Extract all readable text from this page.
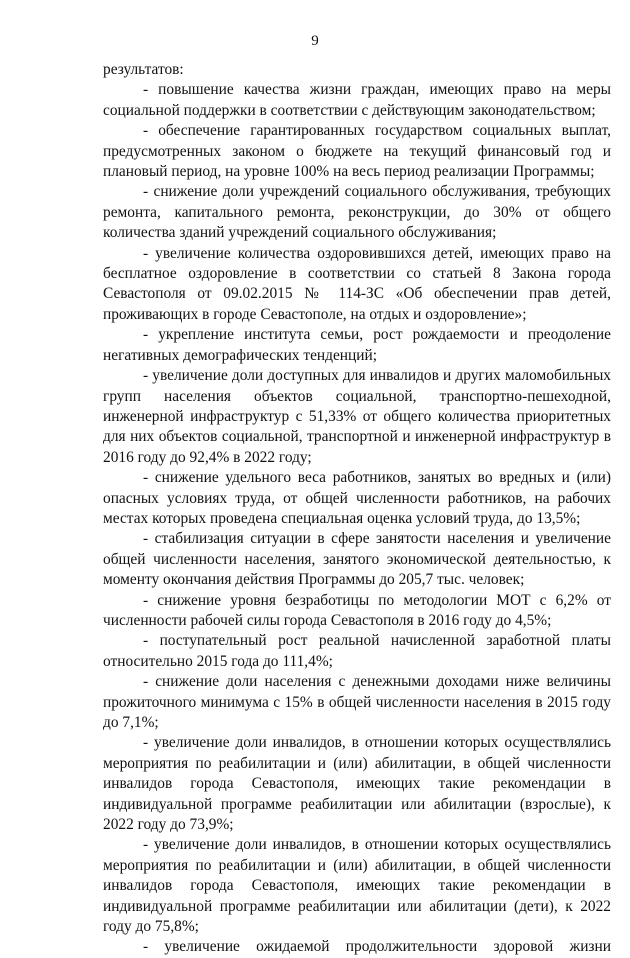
9

результатов:

- повышение качества жизни граждан, имеющих право на меры социальной поддержки в соответствии с действующим законодательством;

- обеспечение гарантированных государством социальных выплат, предусмотренных законом о бюджете на текущий финансовый год и плановый период, на уровне 100% на весь период реализации Программы;

- снижение доли учреждений социального обслуживания, требующих ремонта, капитального ремонта, реконструкции, до 30% от общего количества зданий учреждений социального обслуживания;

- увеличение количества оздоровившихся детей, имеющих право на бесплатное оздоровление в соответствии со статьей 8 Закона города Севастополя от 09.02.2015 № 114-ЗС «Об обеспечении прав детей, проживающих в городе Севастополе, на отдых и оздоровление»;

- укрепление института семьи, рост рождаемости и преодоление негативных демографических тенденций;

- увеличение доли доступных для инвалидов и других маломобильных групп населения объектов социальной, транспортно-пешеходной, инженерной инфраструктур с 51,33% от общего количества приоритетных для них объектов социальной, транспортной и инженерной инфраструктур в 2016 году до 92,4% в 2022 году;

- снижение удельного веса работников, занятых во вредных и (или) опасных условиях труда, от общей численности работников, на рабочих местах которых проведена специальная оценка условий труда, до 13,5%;

- стабилизация ситуации в сфере занятости населения и увеличение общей численности населения, занятого экономической деятельностью, к моменту окончания действия Программы до 205,7 тыс. человек;

- снижение уровня безработицы по методологии МОТ с 6,2% от численности рабочей силы города Севастополя в 2016 году до 4,5%;

- поступательный рост реальной начисленной заработной платы относительно 2015 года до 111,4%;

- снижение доли населения с денежными доходами ниже величины прожиточного минимума с 15% в общей численности населения в 2015 году до 7,1%;

- увеличение доли инвалидов, в отношении которых осуществлялись мероприятия по реабилитации и (или) абилитации, в общей численности инвалидов города Севастополя, имеющих такие рекомендации в индивидуальной программе реабилитации или абилитации (взрослые), к 2022 году до 73,9%;

- увеличение доли инвалидов, в отношении которых осуществлялись мероприятия по реабилитации и (или) абилитации, в общей численности инвалидов города Севастополя, имеющих такие рекомендации в индивидуальной программе реабилитации или абилитации (дети), к 2022 году до 75,8%;

- увеличение ожидаемой продолжительности здоровой жизни
